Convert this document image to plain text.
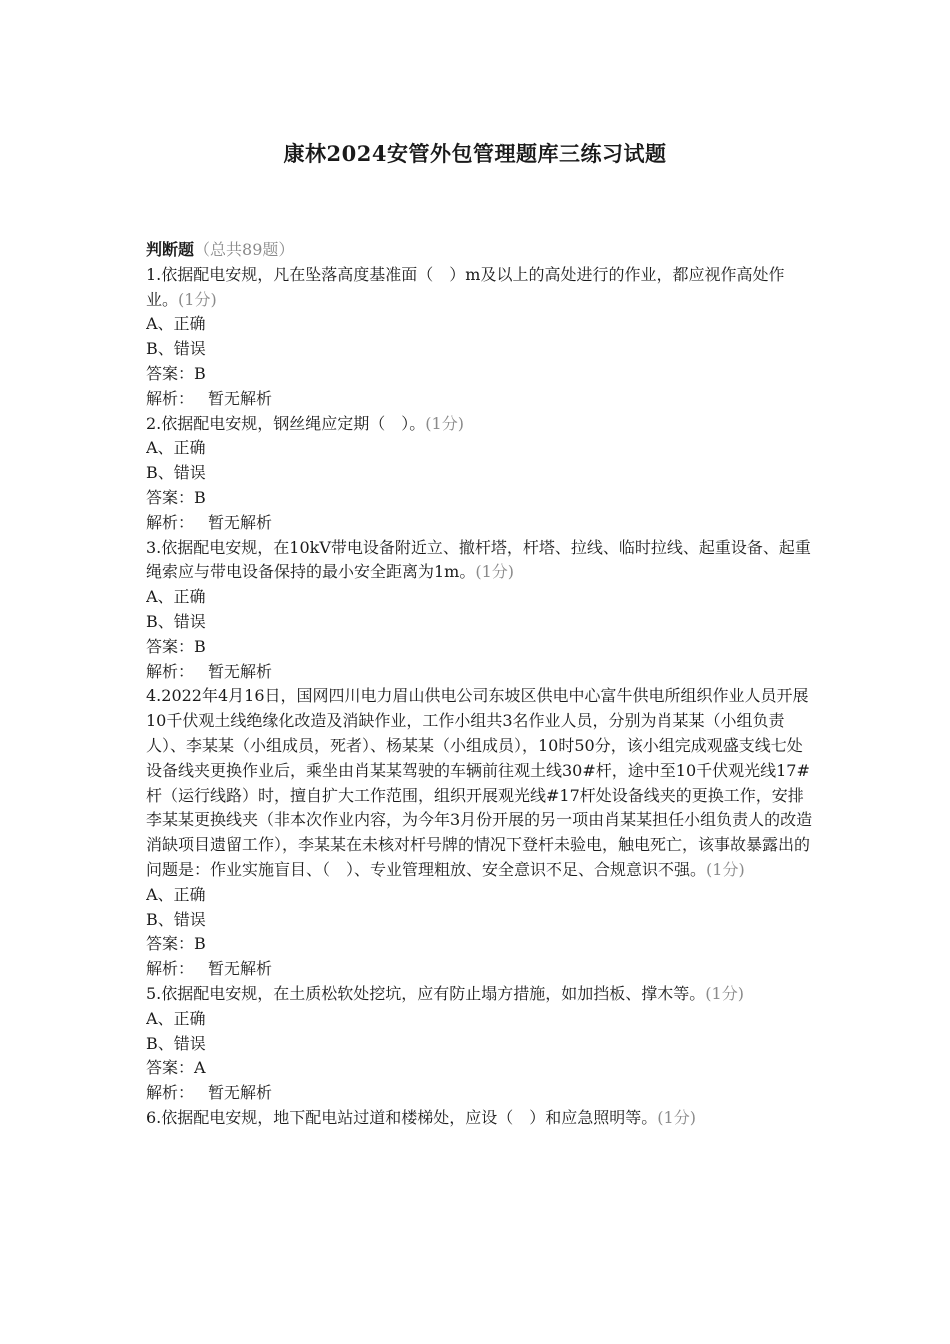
康林2024安管外包管理题库三练习试题
判断题（总共89题）
1.依据配电安规，凡在坠落高度基准面（　）m及以上的高处进行的作业，都应视作高处作业。(1分)
A、正确
B、错误
答案：B
解析： 暂无解析
2.依据配电安规，钢丝绳应定期（　）。(1分)
A、正确
B、错误
答案：B
解析： 暂无解析
3.依据配电安规，在10kV带电设备附近立、撤杆塔，杆塔、拉线、临时拉线、起重设备、起重绳索应与带电设备保持的最小安全距离为1m。(1分)
A、正确
B、错误
答案：B
解析： 暂无解析
4.2022年4月16日，国网四川电力眉山供电公司东坡区供电中心富牛供电所组织作业人员开展10千伏观土线绝缘化改造及消缺作业，工作小组共3名作业人员，分别为肖某某（小组负责人）、李某某（小组成员，死者）、杨某某（小组成员），10时50分，该小组完成观盛支线七处设备线夹更换作业后，乘坐由肖某某驾驶的车辆前往观土线30#杆，途中至10千伏观光线17#杆（运行线路）时，擅自扩大工作范围，组织开展观光线#17杆处设备线夹的更换工作，安排李某某更换线夹（非本次作业内容，为今年3月份开展的另一项由肖某某担任小组负责人的改造消缺项目遗留工作），李某某在未核对杆号牌的情况下登杆未验电，触电死亡，该事故暴露出的问题是：作业实施盲目、（　）、专业管理粗放、安全意识不足、合规意识不强。(1分)
A、正确
B、错误
答案：B
解析： 暂无解析
5.依据配电安规，在土质松软处挖坑，应有防止塌方措施，如加挡板、撑木等。(1分)
A、正确
B、错误
答案：A
解析： 暂无解析
6.依据配电安规，地下配电站过道和楼梯处，应设（　）和应急照明等。(1分)
